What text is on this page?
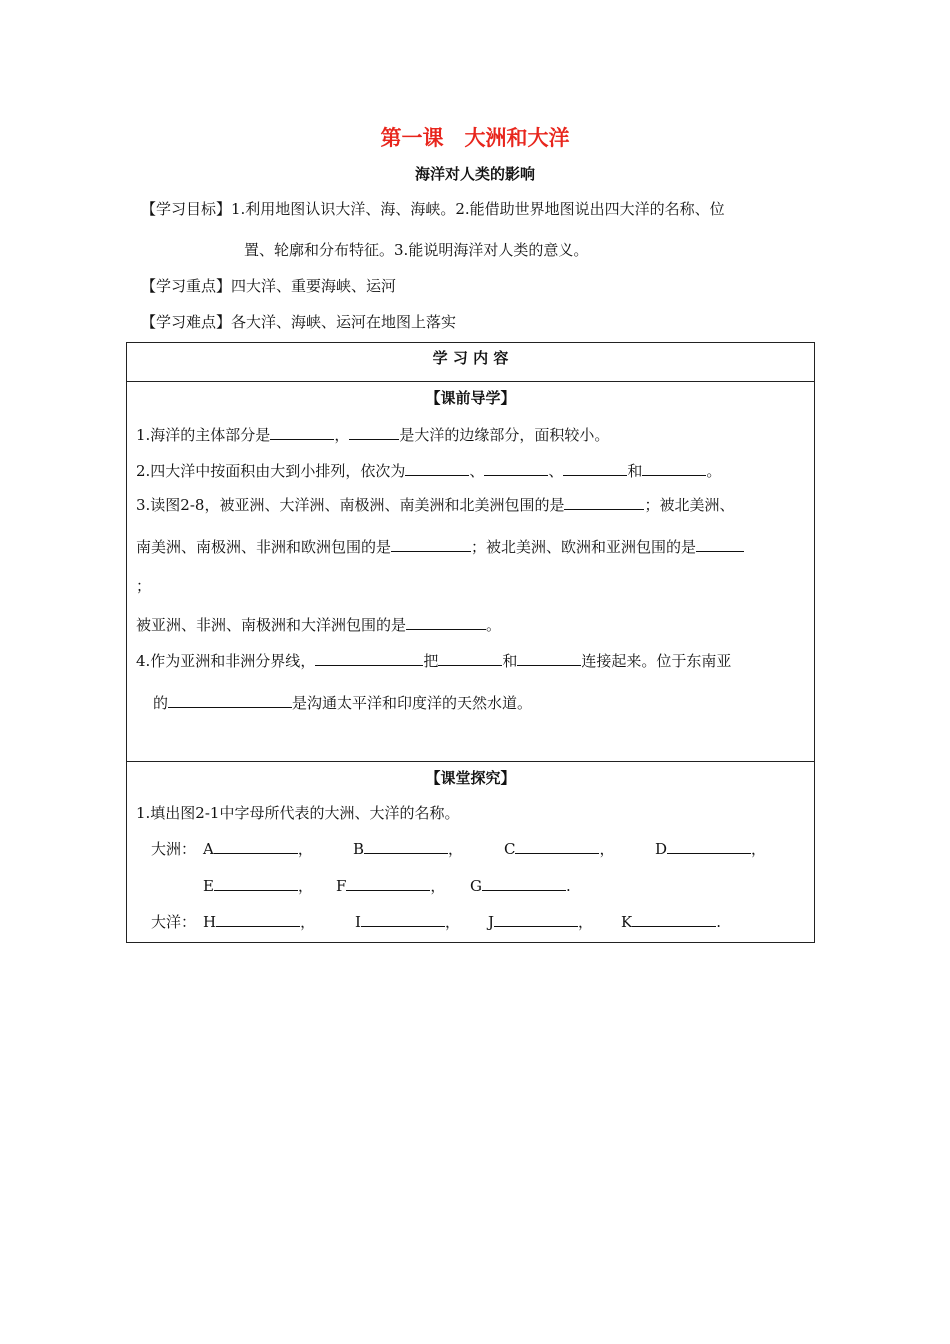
第一课　大洲和大洋
海洋对人类的影响
【学习目标】1.利用地图认识大洋、海、海峡。2.能借助世界地图说出四大洋的名称、位
置、轮廓和分布特征。3.能说明海洋对人类的意义。
【学习重点】四大洋、重要海峡、运河
【学习难点】各大洋、海峡、运河在地图上落实
学 习 内 容

【课前导学】
1.海洋的主体部分是	，	是大洋的边缘部分，面积较小。
2.四大洋中按面积由大到小排列，依次为	、	、	和	。
3.读图2-8，被亚洲、大洋洲、南极洲、南美洲和北美洲包围的是	；被北美洲、
南美洲、南极洲、非洲和欧洲包围的是	；被北美洲、欧洲和亚洲包围的是
；
被亚洲、非洲、南极洲和大洋洲包围的是	。
4.作为亚洲和非洲分界线，	把	和	连接起来。位于东南亚
的	是沟通太平洋和印度洋的天然水道。

【课堂探究】
1.填出图2-1中字母所代表的大洲、大洋的名称。
大洲： A	，	B	，	C	，	D	，
E	， F	， G	.
大洋： H	，	I	， J	， K	.
